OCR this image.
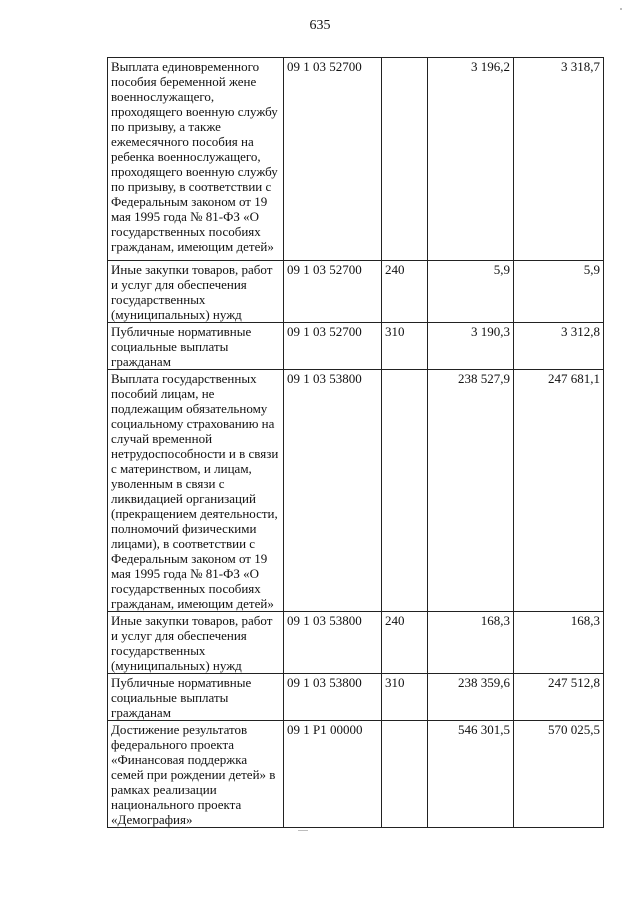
635
Выплата единовременного пособия беременной жене военнослужащего, проходящего военную службу по призыву, а также ежемесячного пособия на ребенка военнослужащего, проходящего военную службу по призыву, в соответствии с Федеральным законом от 19 мая 1995 года № 81-ФЗ «О государственных пособиях гражданам, имеющим детей»	09 1 03 52700		3 196,2	3 318,7
Иные закупки товаров, работ и услуг для обеспечения государственных (муниципальных) нужд	09 1 03 52700	240	5,9	5,9
Публичные нормативные социальные выплаты гражданам	09 1 03 52700	310	3 190,3	3 312,8
Выплата государственных пособий лицам, не подлежащим обязательному социальному страхованию на случай временной нетрудоспособности и в связи с материнством, и лицам, уволенным в связи с ликвидацией организаций (прекращением деятельности, полномочий физическими лицами), в соответствии с Федеральным законом от 19 мая 1995 года № 81-ФЗ «О государственных пособиях гражданам, имеющим детей»	09 1 03 53800		238 527,9	247 681,1
Иные закупки товаров, работ и услуг для обеспечения государственных (муниципальных) нужд	09 1 03 53800	240	168,3	168,3
Публичные нормативные социальные выплаты гражданам	09 1 03 53800	310	238 359,6	247 512,8
Достижение результатов федерального проекта «Финансовая поддержка семей при рождении детей» в рамках реализации национального проекта «Демография»	09 1 P1 00000		546 301,5	570 025,5
